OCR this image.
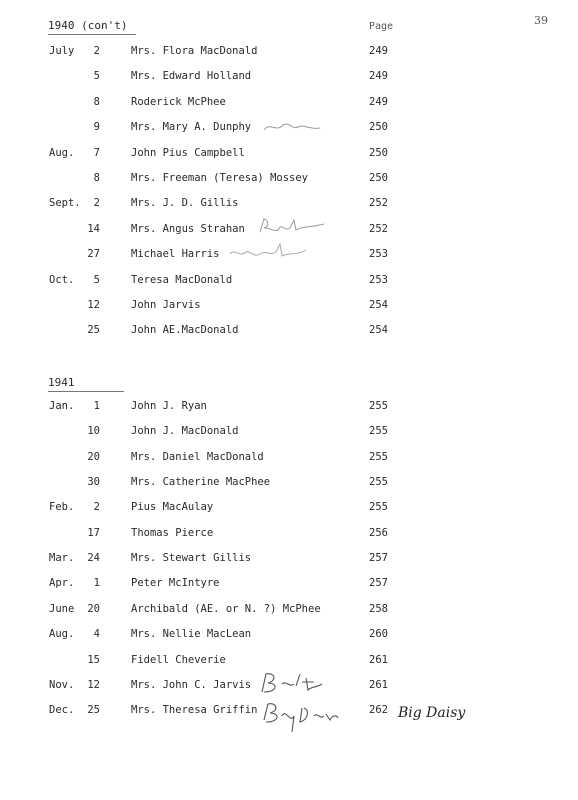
39
Page
1940 (con't)
1941
July	2	Mrs. Flora MacDonald	249
5	Mrs. Edward Holland	249
8	Roderick McPhee	249
9	Mrs. Mary A. Dunphy	250
Aug.	7	John Pius Campbell	250
8	Mrs. Freeman (Teresa) Mossey	250
Sept.	2	Mrs. J. D. Gillis	252
14	Mrs. Angus Strahan	252
27	Michael Harris	253
Oct.	5	Teresa MacDonald	253
12	John Jarvis	254
25	John AE.MacDonald	254
Jan.	1	John J. Ryan	255
10	John J. MacDonald	255
20	Mrs. Daniel MacDonald	255
30	Mrs. Catherine MacPhee	255
Feb.	2	Pius MacAulay	255
17	Thomas Pierce	256
Mar.	24	Mrs. Stewart Gillis	257
Apr.	1	Peter McIntyre	257
June	20	Archibald (AE. or N. ?) McPhee	258
Aug.	4	Mrs. Nellie MacLean	260
15	Fidell Cheverie	261
Nov.	12	Mrs. John C. Jarvis	261
Dec.	25	Mrs. Theresa Griffin	262 Big Daisy
